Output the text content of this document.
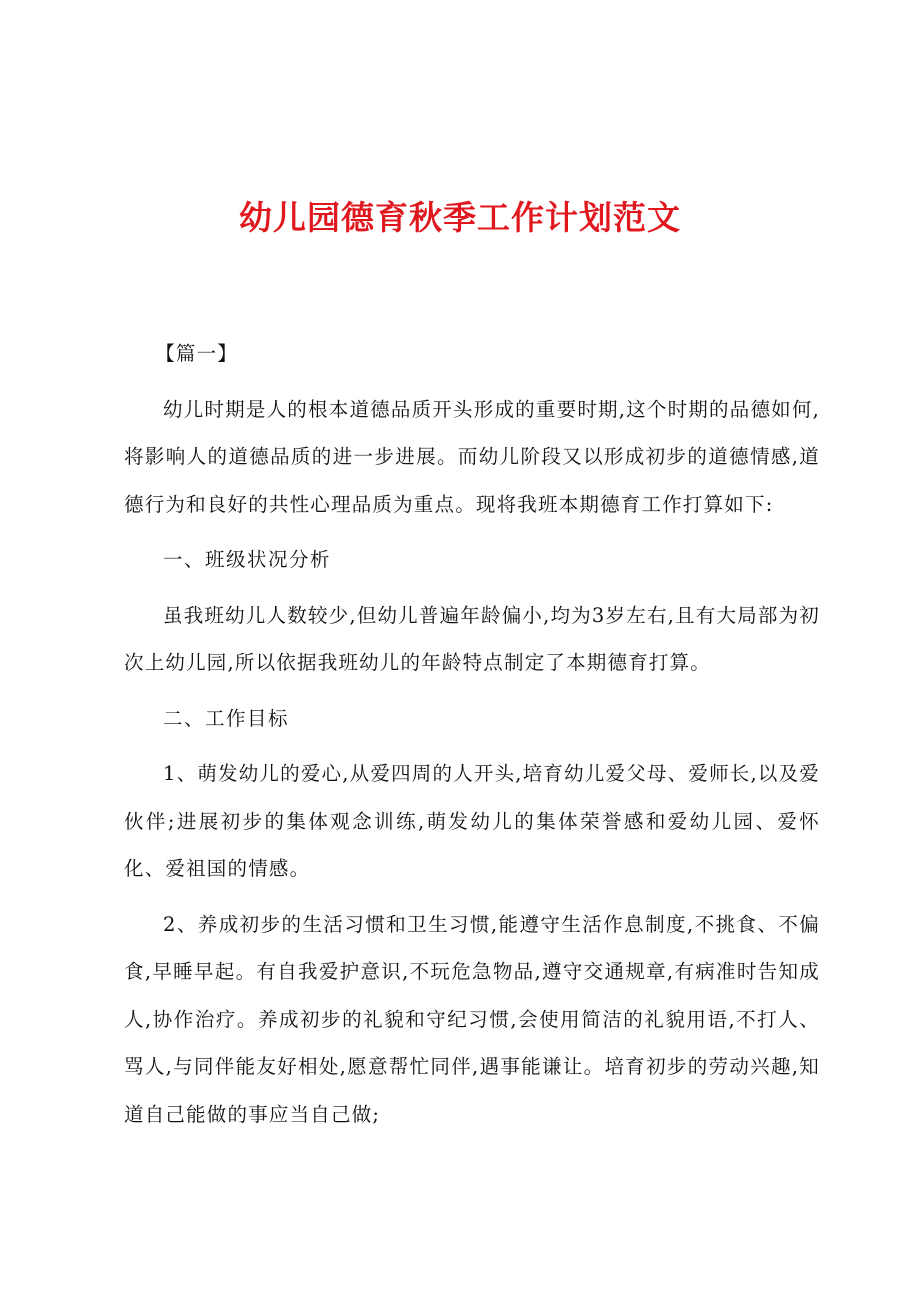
幼儿园德育秋季工作计划范文

【篇一】

幼儿时期是人的根本道德品质开头形成的重要时期,这个时期的品德如何,将影响人的道德品质的进一步进展。而幼儿阶段又以形成初步的道德情感,道德行为和良好的共性心理品质为重点。现将我班本期德育工作打算如下:

一、班级状况分析

虽我班幼儿人数较少,但幼儿普遍年龄偏小,均为3岁左右,且有大局部为初次上幼儿园,所以依据我班幼儿的年龄特点制定了本期德育打算。

二、工作目标

1、萌发幼儿的爱心,从爱四周的人开头,培育幼儿爱父母、爱师长,以及爱伙伴;进展初步的集体观念训练,萌发幼儿的集体荣誉感和爱幼儿园、爱怀化、爱祖国的情感。

2、养成初步的生活习惯和卫生习惯,能遵守生活作息制度,不挑食、不偏食,早睡早起。有自我爱护意识,不玩危急物品,遵守交通规章,有病准时告知成人,协作治疗。养成初步的礼貌和守纪习惯,会使用简洁的礼貌用语,不打人、骂人,与同伴能友好相处,愿意帮忙同伴,遇事能谦让。培育初步的劳动兴趣,知道自己能做的事应当自己做;
